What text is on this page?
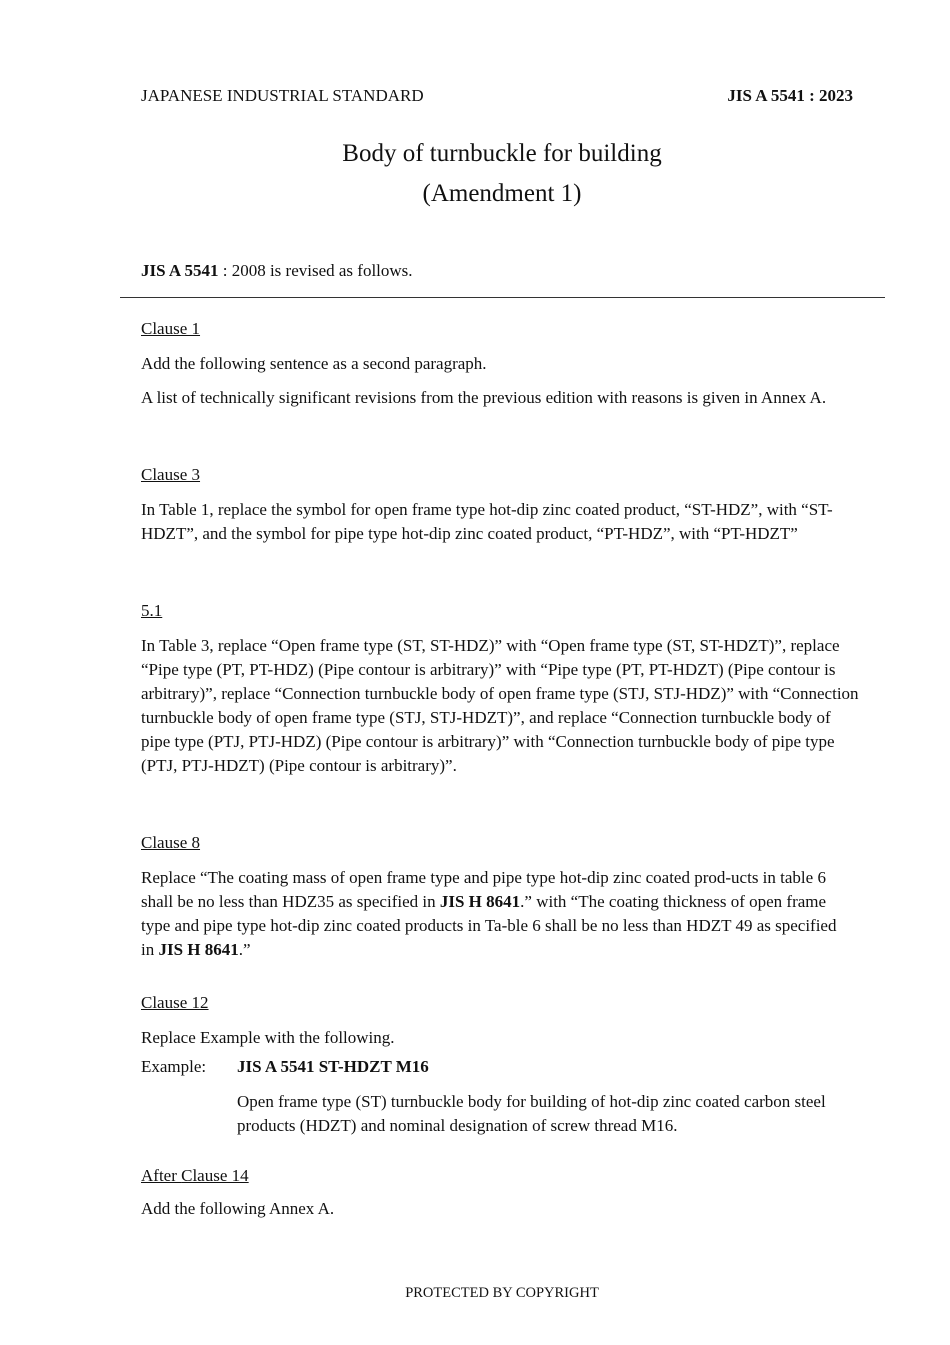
JAPANESE INDUSTRIAL STANDARD	JIS A 5541 : 2023
Body of turnbuckle for building
(Amendment 1)
JIS A 5541 : 2008 is revised as follows.
Clause 1
Add the following sentence as a second paragraph.
A list of technically significant revisions from the previous edition with reasons is given in Annex A.
Clause 3
In Table 1, replace the symbol for open frame type hot-dip zinc coated product, “ST-HDZ”, with “ST-HDZT”, and the symbol for pipe type hot-dip zinc coated product, “PT-HDZ”, with “PT-HDZT”
5.1
In Table 3, replace “Open frame type (ST, ST-HDZ)” with “Open frame type (ST, ST-HDZT)”, replace “Pipe type (PT, PT-HDZ) (Pipe contour is arbitrary)” with “Pipe type (PT, PT-HDZT) (Pipe contour is arbitrary)”, replace “Connection turnbuckle body of open frame type (STJ, STJ-HDZ)” with “Connection turnbuckle body of open frame type (STJ, STJ-HDZT)”, and replace “Connection turnbuckle body of pipe type (PTJ, PTJ-HDZ) (Pipe contour is arbitrary)” with “Connection turnbuckle body of pipe type (PTJ, PTJ-HDZT) (Pipe contour is arbitrary)”.
Clause 8
Replace “The coating mass of open frame type and pipe type hot-dip zinc coated prod-ucts in table 6 shall be no less than HDZ35 as specified in JIS H 8641.” with “The coating thickness of open frame type and pipe type hot-dip zinc coated products in Ta-ble 6 shall be no less than HDZT 49 as specified in JIS H 8641.”
Clause 12
Replace Example with the following.
Example: JIS A 5541 ST-HDZT M16
Open frame type (ST) turnbuckle body for building of hot-dip zinc coated carbon steel products (HDZT) and nominal designation of screw thread M16.
After Clause 14
Add the following Annex A.
PROTECTED BY COPYRIGHT
